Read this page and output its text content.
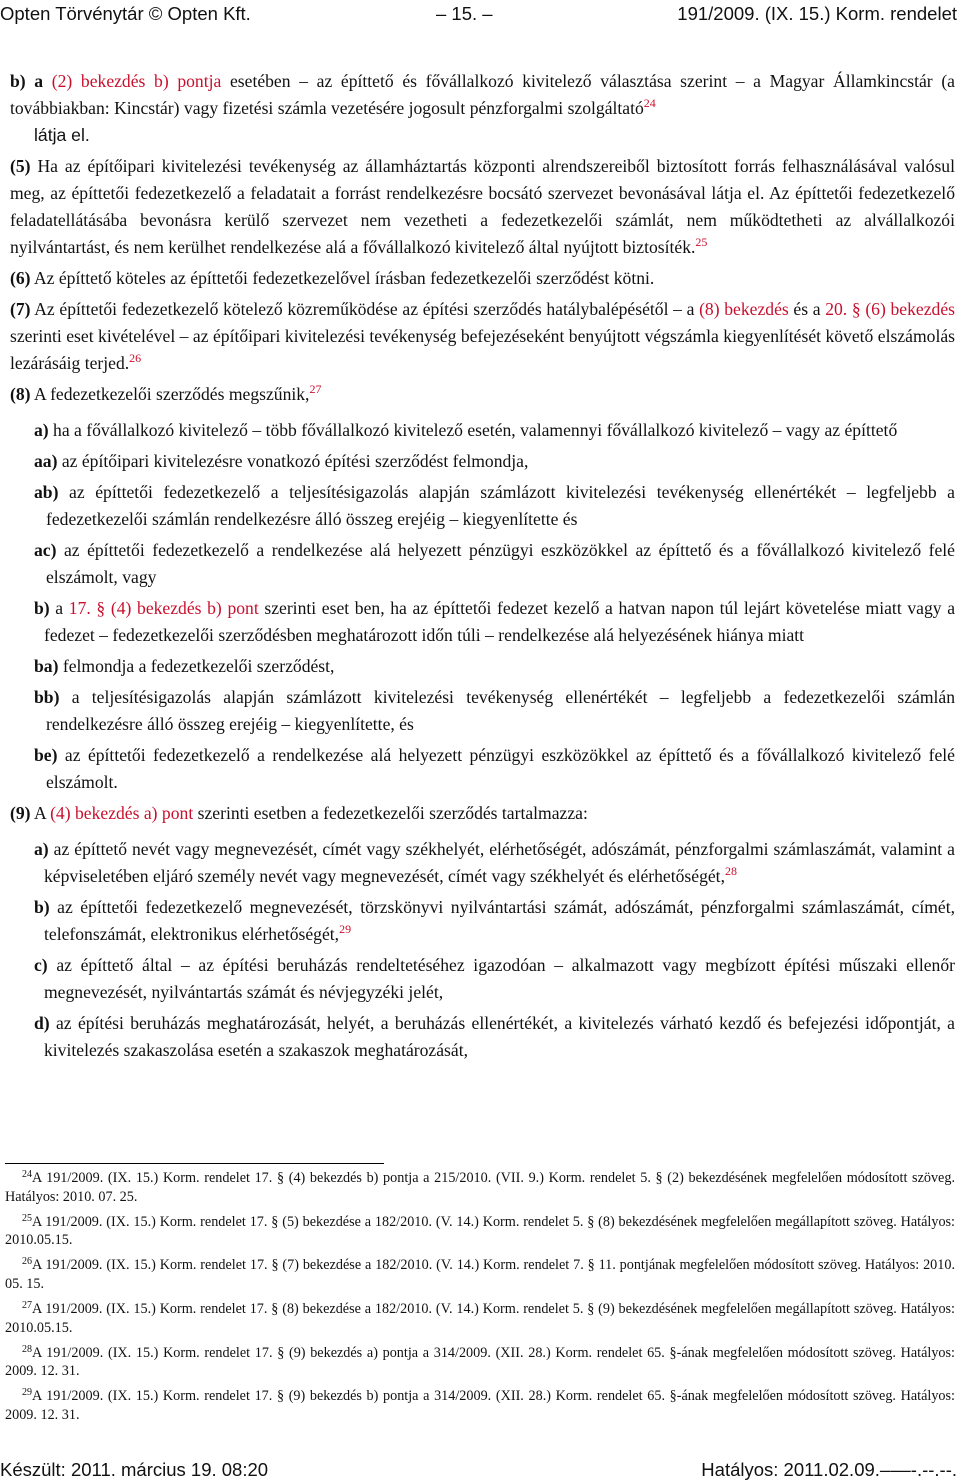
Opten Törvénytár © Opten Kft.	– 15. –	191/2009. (IX. 15.) Korm. rendelet

b) a (2) bekezdés b) pontja esetében – az építtető és fővállalkozó kivitelező választása szerint – a Magyar Államkincstár (a továbbiakban: Kincstár) vagy fizetési számla vezetésére jogosult pénzforgalmi szolgáltató$^{24}$
látja el.

(5) Ha az építőipari kivitelezési tevékenység az államháztartás központi alrendszereiből biztosított forrás felhasználásával valósul meg, az építtetői fedezetkezelő a feladatait a forrást rendelkezésre bocsátó szervezet bevonásával látja el. Az építtetői fedezetkezelő feladatellátásába bevonásra kerülő szervezet nem vezetheti a fedezetkezelői számlát, nem működtetheti az alvállalkozói nyilvántartást, és nem kerülhet rendelkezése alá a fővállalkozó kivitelező által nyújtott biztosíték.$^{25}$

(6) Az építtető köteles az építtetői fedezetkezelővel írásban fedezetkezelői szerződést kötni.

(7) Az építtetői fedezetkezelő kötelező közreműködése az építési szerződés hatálybalépésétől – a (8) bekezdés és a 20. § (6) bekezdés szerinti eset kivételével – az építőipari kivitelezési tevékenység befejezéseként benyújtott végszámla kiegyenlítését követő elszámolás lezárásáig terjed.$^{26}$

(8) A fedezetkezelői szerződés megszűnik,$^{27}$

a) ha a fővállalkozó kivitelező – több fővállalkozó kivitelező esetén, valamennyi fővállalkozó kivitelező – vagy az építtető

aa) az építőipari kivitelezésre vonatkozó építési szerződést felmondja,

ab) az építtetői fedezetkezelő a teljesítésigazolás alapján számlázott kivitelezési tevékenység ellenértékét – legfeljebb a fedezetkezelői számlán rendelkezésre álló összeg erejéig – kiegyenlítette és

ac) az építtetői fedezetkezelő a rendelkezése alá helyezett pénzügyi eszközökkel az építtető és a fővállalkozó kivitelező felé elszámolt, vagy

b) a 17. § (4) bekezdés b) pont szerinti eset ben, ha az építtetői fedezet kezelő a hatvan napon túl lejárt követelése miatt vagy a fedezet – fedezetkezelői szerződésben meghatározott időn túli – rendelkezése alá helyezésének hiánya miatt

ba) felmondja a fedezetkezelői szerződést,

bb) a teljesítésigazolás alapján számlázott kivitelezési tevékenység ellenértékét – legfeljebb a fedezetkezelői számlán rendelkezésre álló összeg erejéig – kiegyenlítette, és

be) az építtetői fedezetkezelő a rendelkezése alá helyezett pénzügyi eszközökkel az építtető és a fővállalkozó kivitelező felé elszámolt.

(9) A (4) bekezdés a) pont szerinti esetben a fedezetkezelői szerződés tartalmazza:

a) az építtető nevét vagy megnevezését, címét vagy székhelyét, elérhetőségét, adószámát, pénzforgalmi számlaszámát, valamint a képviseletében eljáró személy nevét vagy megnevezését, címét vagy székhelyét és elérhetőségét,$^{28}$

b) az építtetői fedezetkezelő megnevezését, törzskönyvi nyilvántartási számát, adószámát, pénzforgalmi számlaszámát, címét, telefonszámát, elektronikus elérhetőségét,$^{29}$

c) az építtető által – az építési beruházás rendeltetéséhez igazodóan – alkalmazott vagy megbízott építési műszaki ellenőr megnevezését, nyilvántartás számát és névjegyzéki jelét,

d) az építési beruházás meghatározását, helyét, a beruházás ellenértékét, a kivitelezés várható kezdő és befejezési időpontját, a kivitelezés szakaszolása esetén a szakaszok meghatározását,

$^{24}$A 191/2009. (IX. 15.) Korm. rendelet 17. § (4) bekezdés b) pontja a 215/2010. (VII. 9.) Korm. rendelet 5. § (2) bekezdésének megfelelően módosított szöveg. Hatályos: 2010. 07. 25.

$^{25}$A 191/2009. (IX. 15.) Korm. rendelet 17. § (5) bekezdése a 182/2010. (V. 14.) Korm. rendelet 5. § (8) bekezdésének megfelelően megállapított szöveg. Hatályos: 2010.05.15.

$^{26}$A 191/2009. (IX. 15.) Korm. rendelet 17. § (7) bekezdése a 182/2010. (V. 14.) Korm. rendelet 7. § 11. pontjának megfelelően módosított szöveg. Hatályos: 2010. 05. 15.

$^{27}$A 191/2009. (IX. 15.) Korm. rendelet 17. § (8) bekezdése a 182/2010. (V. 14.) Korm. rendelet 5. § (9) bekezdésének megfelelően megállapított szöveg. Hatályos: 2010.05.15.

$^{28}$A 191/2009. (IX. 15.) Korm. rendelet 17. § (9) bekezdés a) pontja a 314/2009. (XII. 28.) Korm. rendelet 65. §-ának megfelelően módosított szöveg. Hatályos: 2009. 12. 31.

$^{29}$A 191/2009. (IX. 15.) Korm. rendelet 17. § (9) bekezdés b) pontja a 314/2009. (XII. 28.) Korm. rendelet 65. §-ának megfelelően módosított szöveg. Hatályos: 2009. 12. 31.

Készült: 2011. március 19. 08:20	Hatályos: 2011.02.09.–––-.--.--.
